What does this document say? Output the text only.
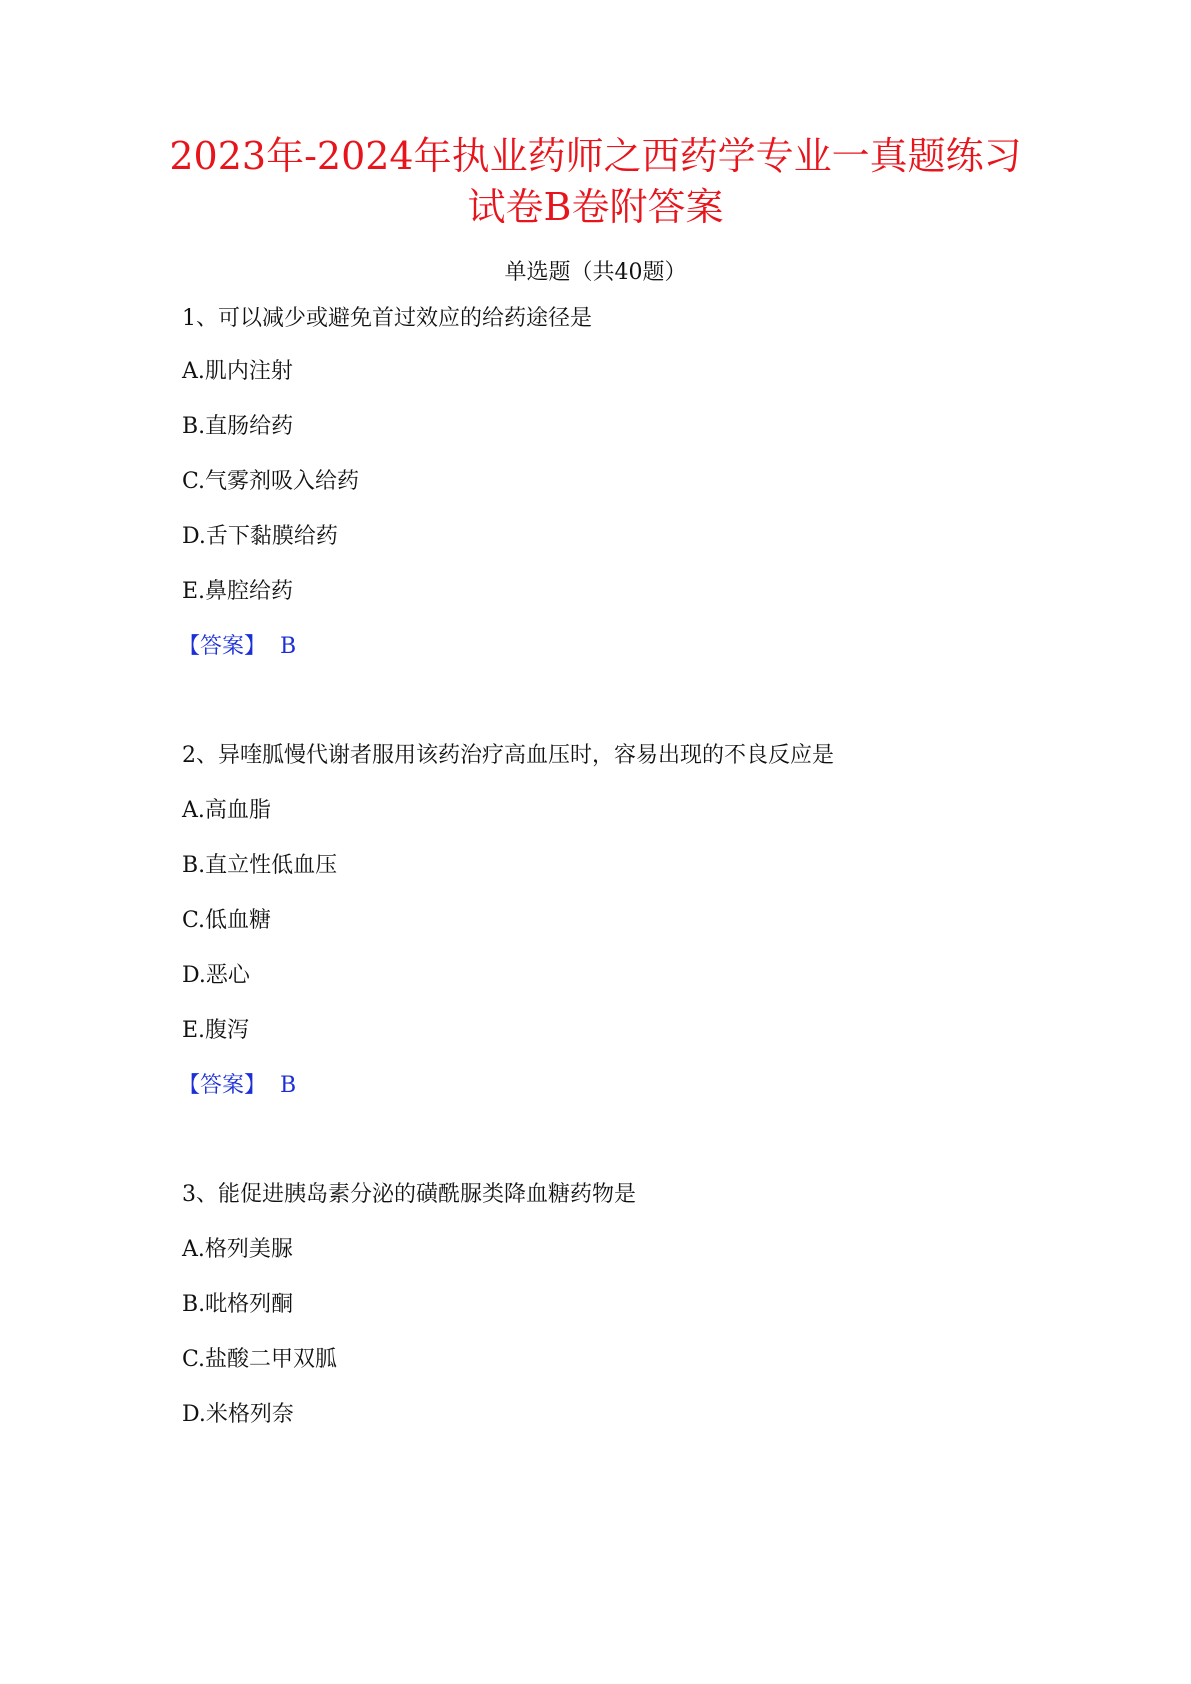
2023年-2024年执业药师之西药学专业一真题练习
试卷B卷附答案
单选题（共40题）
1、可以减少或避免首过效应的给药途径是
A.肌内注射
B.直肠给药
C.气雾剂吸入给药
D.舌下黏膜给药
E.鼻腔给药
【答案】 B
2、异喹胍慢代谢者服用该药治疗高血压时，容易出现的不良反应是
A.高血脂
B.直立性低血压
C.低血糖
D.恶心
E.腹泻
【答案】 B
3、能促进胰岛素分泌的磺酰脲类降血糖药物是
A.格列美脲
B.吡格列酮
C.盐酸二甲双胍
D.米格列奈
